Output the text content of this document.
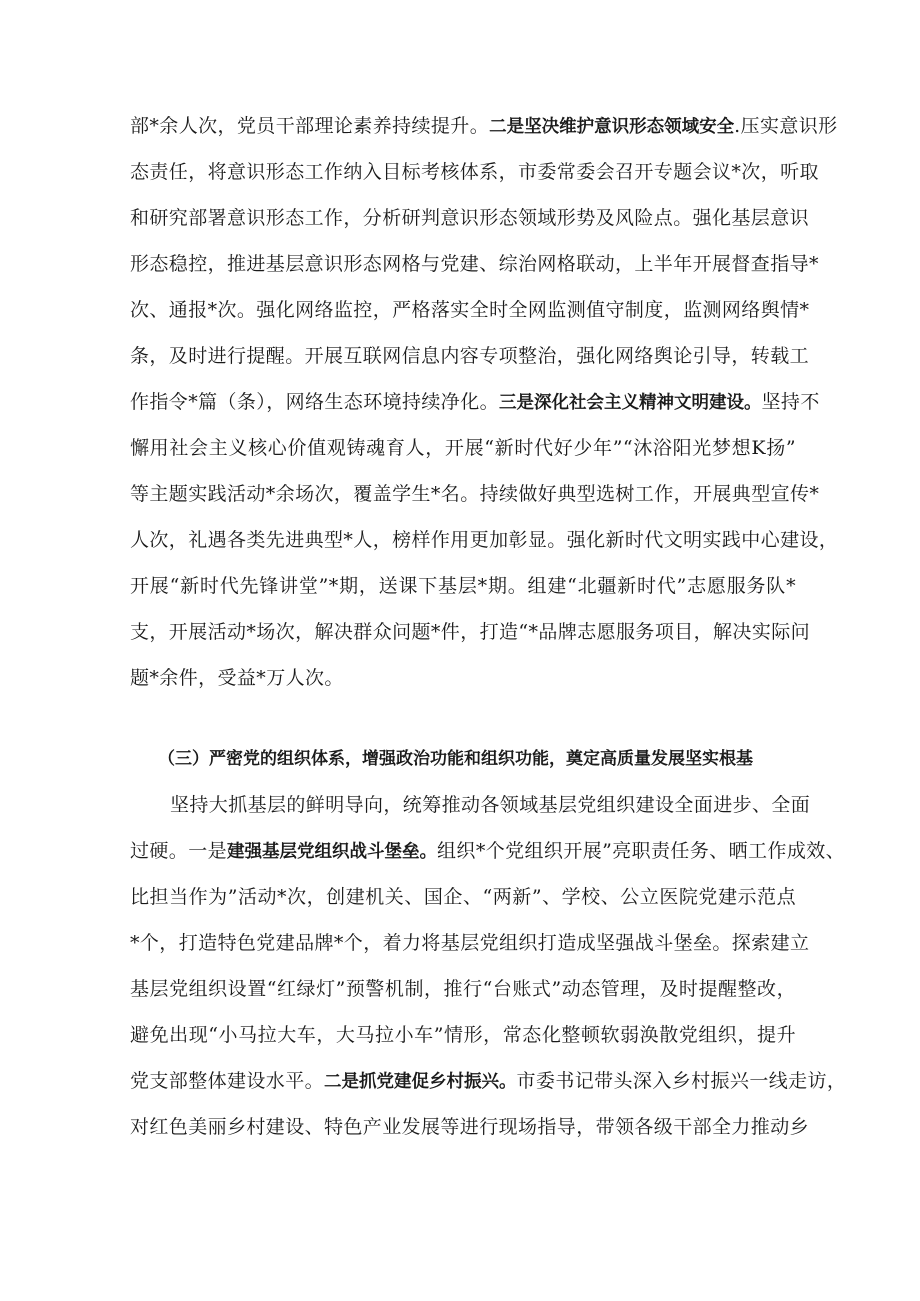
部*余人次，党员干部理论素养持续提升。二是坚决维护意识形态领域安全.压实意识形
态责任，将意识形态工作纳入目标考核体系，市委常委会召开专题会议*次，听取
和研究部署意识形态工作，分析研判意识形态领域形势及风险点。强化基层意识
形态稳控，推进基层意识形态网格与党建、综治网格联动，上半年开展督查指导*
次、通报*次。强化网络监控，严格落实全时全网监测值守制度，监测网络舆情*
条，及时进行提醒。开展互联网信息内容专项整治，强化网络舆论引导，转载工
作指令*篇（条），网络生态环境持续净化。三是深化社会主义精神文明建设。坚持不
懈用社会主义核心价值观铸魂育人，开展“新时代好少年”“沐浴阳光梦想K扬”
等主题实践活动*余场次，覆盖学生*名。持续做好典型选树工作，开展典型宣传*
人次，礼遇各类先进典型*人，榜样作用更加彰显。强化新时代文明实践中心建设，
开展“新时代先锋讲堂”*期，送课下基层*期。组建“北疆新时代”志愿服务队*
支，开展活动*场次，解决群众问题*件，打造“*品牌志愿服务项目，解决实际问
题*余件，受益*万人次。
（三）严密党的组织体系，增强政治功能和组织功能，奠定高质量发展坚实根基
坚持大抓基层的鲜明导向，统筹推动各领域基层党组织建设全面进步、全面
过硬。一是建强基层党组织战斗堡垒。组织*个党组织开展”亮职责任务、晒工作成效、
比担当作为”活动*次，创建机关、国企、“两新”、学校、公立医院党建示范点
*个，打造特色党建品牌*个，着力将基层党组织打造成坚强战斗堡垒。探索建立
基层党组织设置“红绿灯”预警机制，推行“台账式”动态管理，及时提醒整改，
避免出现“小马拉大车，大马拉小车”情形，常态化整顿软弱涣散党组织，提升
党支部整体建设水平。二是抓党建促乡村振兴。市委书记带头深入乡村振兴一线走访，
对红色美丽乡村建设、特色产业发展等进行现场指导，带领各级干部全力推动乡
